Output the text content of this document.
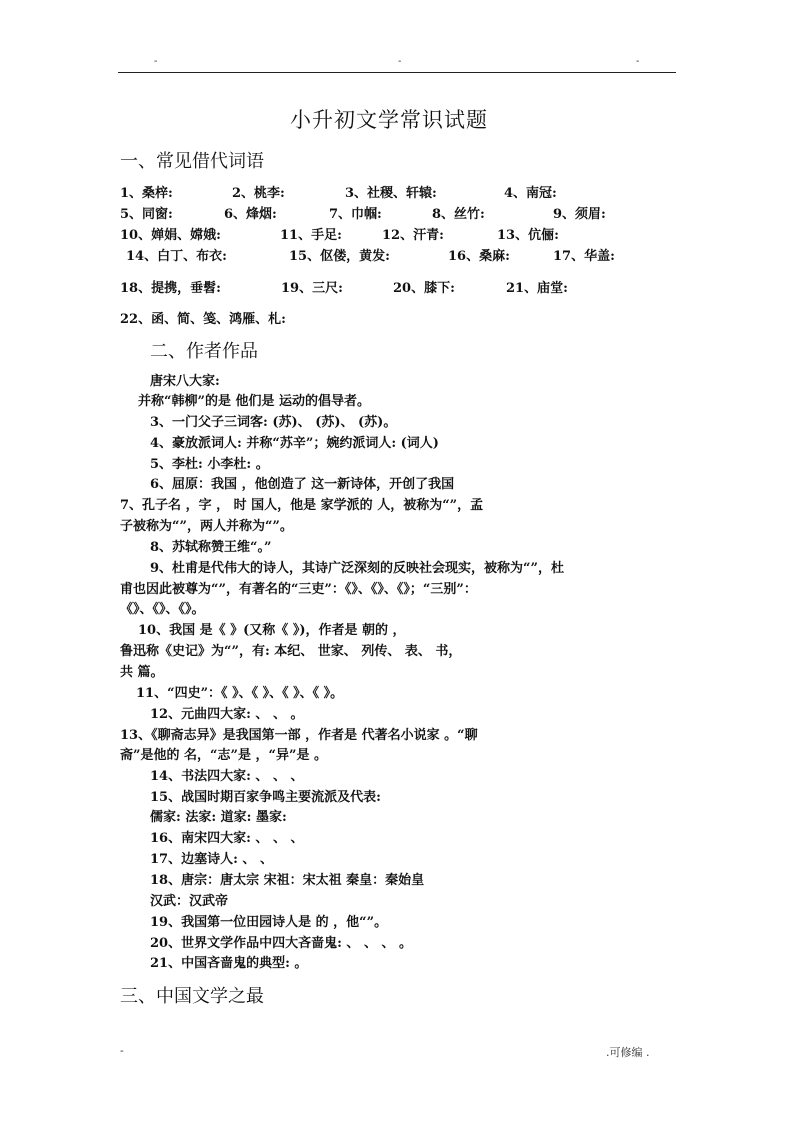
-	-	-
小升初文学常识试题
一、常见借代词语
1、桑梓:	2、桃李:	3、社稷、轩辕:	4、南冠:
5、同窗:	6、烽烟:	7、巾帼:	8、丝竹:	9、须眉:
10、婵娟、嫦娥:	11、手足:	12、汗青:	13、伉俪:
14、白丁、布衣:	15、伛偻，黄发:	16、桑麻:	17、华盖:
18、提携，垂髫:	19、三尺:	20、膝下:	21、庙堂:
22、函、简、笺、鸿雁、札:
二、作者作品
唐宋八大家:
并称“韩柳”的是 他们是 运动的倡导者。
3、一门父子三词客: (苏)、 (苏)、 (苏)。
4、豪放派词人: 并称“苏辛”；婉约派词人: (词人)
5、李杜: 小李杜: 。
6、屈原：我国 ，他创造了 这一新诗体，开创了我国
7、孔子名 ，字 ， 时 国人，他是 家学派的 人，被称为“”，孟
子被称为“”，两人并称为“”。
8、苏轼称赞王维“。”
9、杜甫是代伟大的诗人，其诗广泛深刻的反映社会现实，被称为“”，杜
甫也因此被尊为“”，有著名的“三吏”：《》、《》、《》；“三别”：
《》、《》、《》。
10、我国 是《 》(又称《 》)，作者是 朝的 ，
鲁迅称《史记》为“”，有: 本纪、 世家、 列传、 表、 书，
共 篇。
11、“四史”：《 》、《 》、《 》、《 》。
12、元曲四大家: 、 、 。
13、《聊斋志异》是我国第一部 ，作者是 代著名小说家 。“聊
斋”是他的 名，“志”是 ，“异”是 。
14、书法四大家: 、 、 、
15、战国时期百家争鸣主要流派及代表:
儒家: 法家: 道家: 墨家:
16、南宋四大家: 、 、 、
17、边塞诗人: 、 、
18、唐宗：唐太宗 宋祖：宋太祖 秦皇：秦始皇
汉武：汉武帝
19、我国第一位田园诗人是 的 ，他“”。
20、世界文学作品中四大吝啬鬼: 、 、 、 。
21、中国吝啬鬼的典型: 。
三、中国文学之最
-	.可修编 .
